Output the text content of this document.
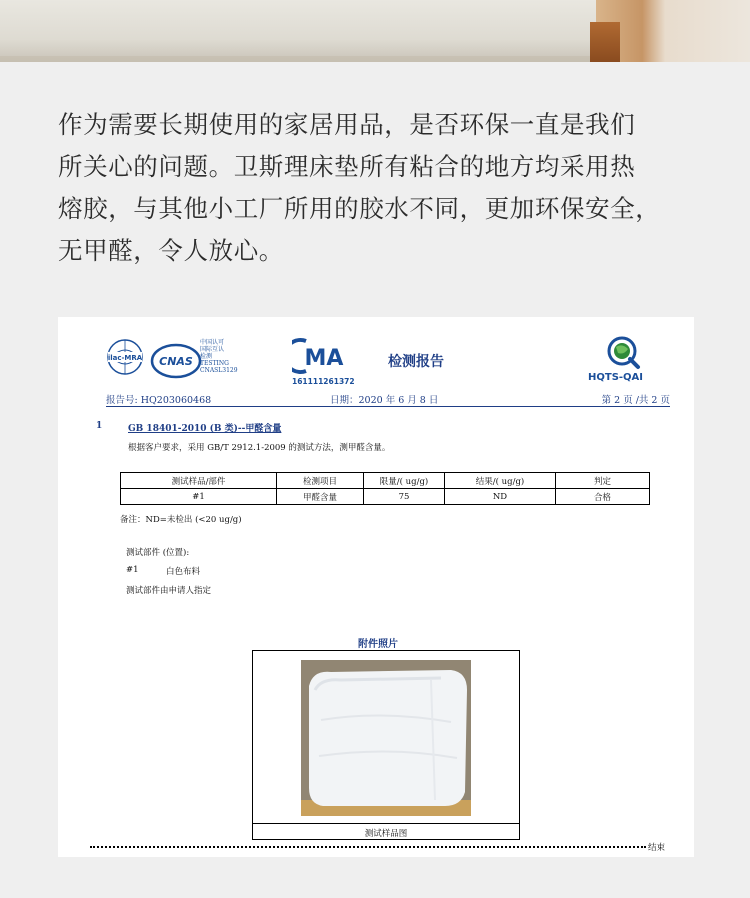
作为需要长期使用的家居用品，是否环保一直是我们
所关心的问题。卫斯理床垫所有粘合的地方均采用热
熔胶，与其他小工厂所用的胶水不同，更加环保安全，
无甲醛，令人放心。
ilac-MRA CNAS
中国认可
国际互认
检测
TESTING
CNASL3129	MA
161111261372
检测报告
HQTS-QAI
报告号: HQ203060468	日期：2020 年 6 月 8 日	第 2 页 /共 2 页
1	GB 18401-2010 (B 类)--甲醛含量
根据客户要求，采用 GB/T 2912.1-2009 的测试方法，测甲醛含量。
测试样品/部件	检测项目	限量/( ug/g)	结果/( ug/g)	判定
#1	甲醛含量	75	ND	合格
备注：ND=未检出 (<20 ug/g)
测试部件 (位置):
#1	白色布料
测试部件由申请人指定
附件照片
测试样品图
结束
